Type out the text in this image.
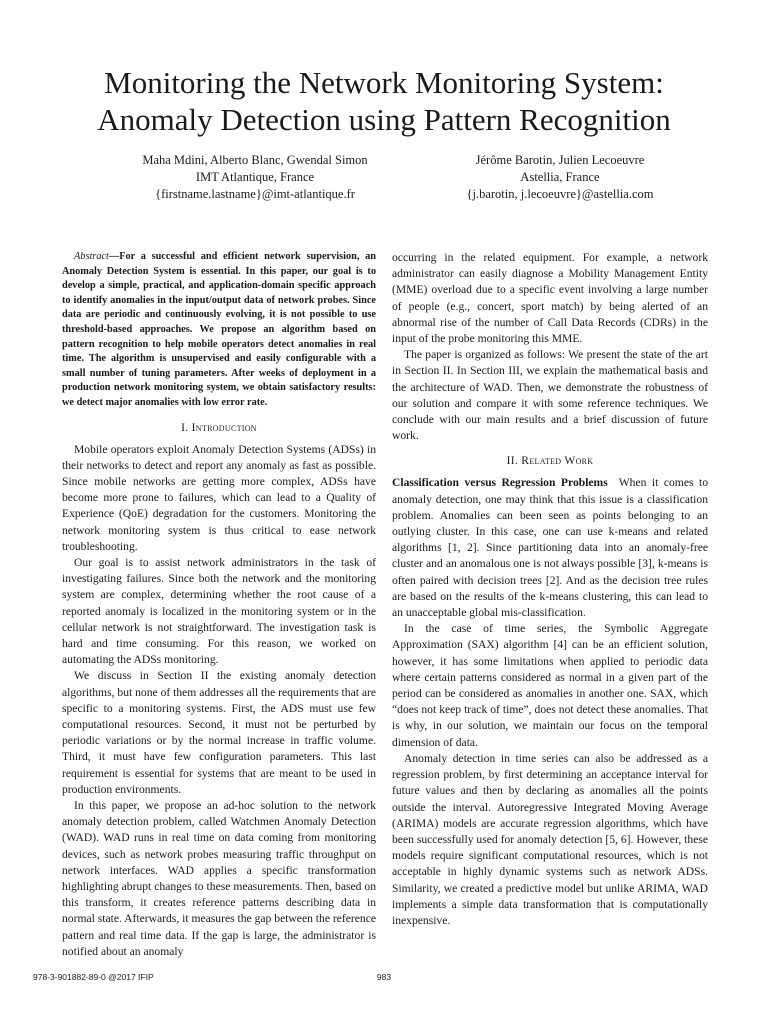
Monitoring the Network Monitoring System:
Anomaly Detection using Pattern Recognition
Maha Mdini, Alberto Blanc, Gwendal Simon
IMT Atlantique, France
{firstname.lastname}@imt-atlantique.fr
Jérôme Barotin, Julien Lecoeuvre
Astellia, France
{j.barotin, j.lecoeuvre}@astellia.com

Abstract—For a successful and efficient network supervision, an Anomaly Detection System is essential. In this paper, our goal is to develop a simple, practical, and application-domain specific approach to identify anomalies in the input/output data of network probes. Since data are periodic and continuously evolving, it is not possible to use threshold-based approaches. We propose an algorithm based on pattern recognition to help mobile operators detect anomalies in real time. The algorithm is unsupervised and easily configurable with a small number of tuning parameters. After weeks of deployment in a production network monitoring system, we obtain satisfactory results: we detect major anomalies with low error rate.

I. Introduction

Mobile operators exploit Anomaly Detection Systems (ADSs) in their networks to detect and report any anomaly as fast as possible. Since mobile networks are getting more complex, ADSs have become more prone to failures, which can lead to a Quality of Experience (QoE) degradation for the customers. Monitoring the network monitoring system is thus critical to ease network troubleshooting.

Our goal is to assist network administrators in the task of investigating failures. Since both the network and the monitoring system are complex, determining whether the root cause of a reported anomaly is localized in the monitoring system or in the cellular network is not straightforward. The investigation task is hard and time consuming. For this reason, we worked on automating the ADSs monitoring.

We discuss in Section II the existing anomaly detection algorithms, but none of them addresses all the requirements that are specific to a monitoring systems. First, the ADS must use few computational resources. Second, it must not be perturbed by periodic variations or by the normal increase in traffic volume. Third, it must have few configuration parameters. This last requirement is essential for systems that are meant to be used in production environments.

In this paper, we propose an ad-hoc solution to the network anomaly detection problem, called Watchmen Anomaly Detection (WAD). WAD runs in real time on data coming from monitoring devices, such as network probes measuring traffic throughput on network interfaces. WAD applies a specific transformation highlighting abrupt changes to these measurements. Then, based on this transform, it creates reference patterns describing data in normal state. Afterwards, it measures the gap between the reference pattern and real time data. If the gap is large, the administrator is notified about an anomaly

occurring in the related equipment. For example, a network administrator can easily diagnose a Mobility Management Entity (MME) overload due to a specific event involving a large number of people (e.g., concert, sport match) by being alerted of an abnormal rise of the number of Call Data Records (CDRs) in the input of the probe monitoring this MME.

The paper is organized as follows: We present the state of the art in Section II. In Section III, we explain the mathematical basis and the architecture of WAD. Then, we demonstrate the robustness of our solution and compare it with some reference techniques. We conclude with our main results and a brief discussion of future work.

II. Related Work

Classification versus Regression Problems When it comes to anomaly detection, one may think that this issue is a classification problem. Anomalies can been seen as points belonging to an outlying cluster. In this case, one can use k-means and related algorithms [1, 2]. Since partitioning data into an anomaly-free cluster and an anomalous one is not always possible [3], k-means is often paired with decision trees [2]. And as the decision tree rules are based on the results of the k-means clustering, this can lead to an unacceptable global mis-classification.

In the case of time series, the Symbolic Aggregate Approximation (SAX) algorithm [4] can be an efficient solution, however, it has some limitations when applied to periodic data where certain patterns considered as normal in a given part of the period can be considered as anomalies in another one. SAX, which “does not keep track of time”, does not detect these anomalies. That is why, in our solution, we maintain our focus on the temporal dimension of data.

Anomaly detection in time series can also be addressed as a regression problem, by first determining an acceptance interval for future values and then by declaring as anomalies all the points outside the interval. Autoregressive Integrated Moving Average (ARIMA) models are accurate regression algorithms, which have been successfully used for anomaly detection [5, 6]. However, these models require significant computational resources, which is not acceptable in highly dynamic systems such as network ADSs. Similarity, we created a predictive model but unlike ARIMA, WAD implements a simple data transformation that is computationally inexpensive.

978-3-901882-89-0 @2017 IFIP	983
